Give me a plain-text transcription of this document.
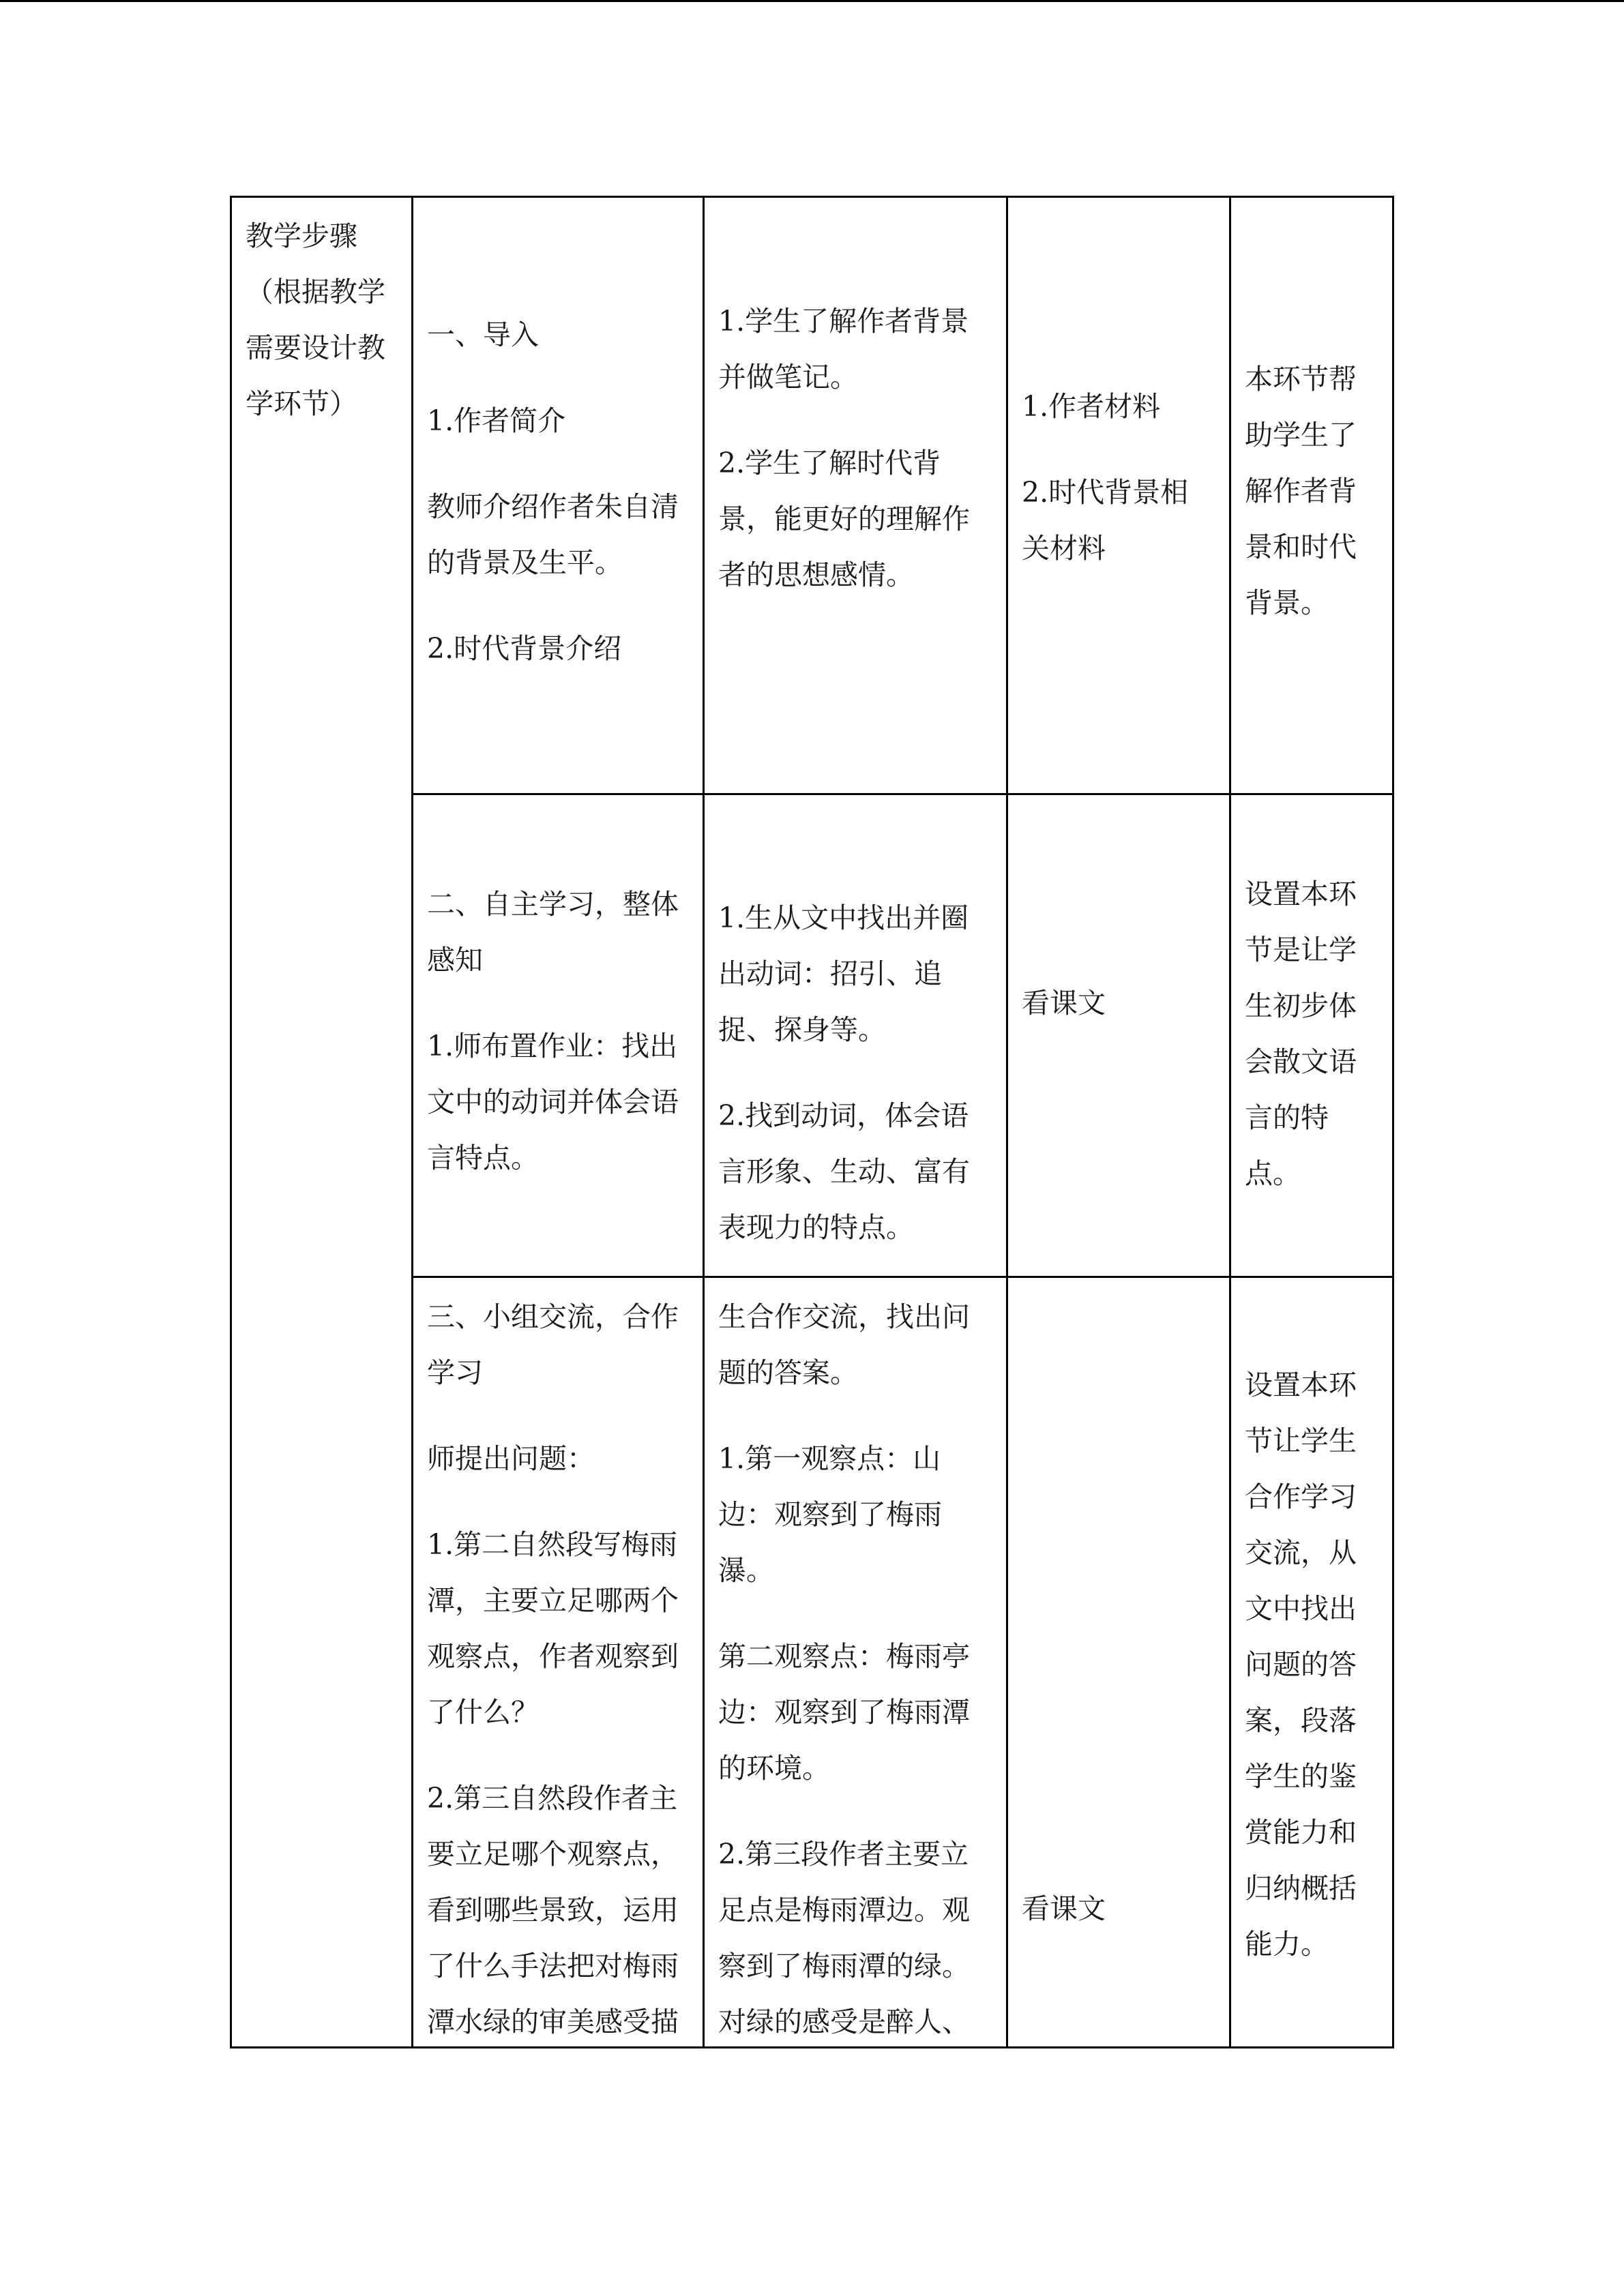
教学步骤

（根据教学

需要设计教

学环节）

一、导入

1.作者简介

教师介绍作者朱自清

的背景及生平。

2.时代背景介绍

1.学生了解作者背景

并做笔记。

2.学生了解时代背

景，能更好的理解作

者的思想感情。

1.作者材料

2.时代背景相

关材料

本环节帮

助学生了

解作者背

景和时代

背景。

二、自主学习，整体

感知

1.师布置作业：找出

文中的动词并体会语

言特点。

1.生从文中找出并圈

出动词：招引、追

捉、探身等。

2.找到动词，体会语

言形象、生动、富有

表现力的特点。

看课文

设置本环

节是让学

生初步体

会散文语

言的特

点。

三、小组交流，合作

学习

师提出问题：

1.第二自然段写梅雨

潭，主要立足哪两个

观察点，作者观察到

了什么？

2.第三自然段作者主

要立足哪个观察点，

看到哪些景致，运用

了什么手法把对梅雨

潭水绿的审美感受描

生合作交流，找出问

题的答案。

1.第一观察点：山

边：观察到了梅雨

瀑。

第二观察点：梅雨亭

边：观察到了梅雨潭

的环境。

2.第三段作者主要立

足点是梅雨潭边。观

察到了梅雨潭的绿。

对绿的感受是醉人、

看课文

设置本环

节让学生

合作学习

交流，从

文中找出

问题的答

案，段落

学生的鉴

赏能力和

归纳概括

能力。
